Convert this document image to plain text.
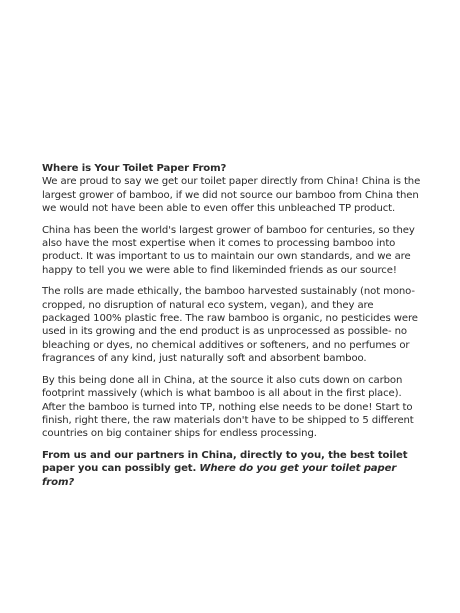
Where is Your Toilet Paper From?
We are proud to say we get our toilet paper directly from China! China is the largest grower of bamboo, if we did not source our bamboo from China then we would not have been able to even offer this unbleached TP product.

China has been the world's largest grower of bamboo for centuries, so they also have the most expertise when it comes to processing bamboo into product. It was important to us to maintain our own standards, and we are happy to tell you we were able to find likeminded friends as our source!

The rolls are made ethically, the bamboo harvested sustainably (not mono-cropped, no disruption of natural eco system, vegan), and they are packaged 100% plastic free. The raw bamboo is organic, no pesticides were used in its growing and the end product is as unprocessed as possible- no bleaching or dyes, no chemical additives or softeners, and no perfumes or fragrances of any kind, just naturally soft and absorbent bamboo.

By this being done all in China, at the source it also cuts down on carbon footprint massively (which is what bamboo is all about in the first place). After the bamboo is turned into TP, nothing else needs to be done! Start to finish, right there, the raw materials don't have to be shipped to 5 different countries on big container ships for endless processing.

From us and our partners in China, directly to you, the best toilet paper you can possibly get. Where do you get your toilet paper from?
